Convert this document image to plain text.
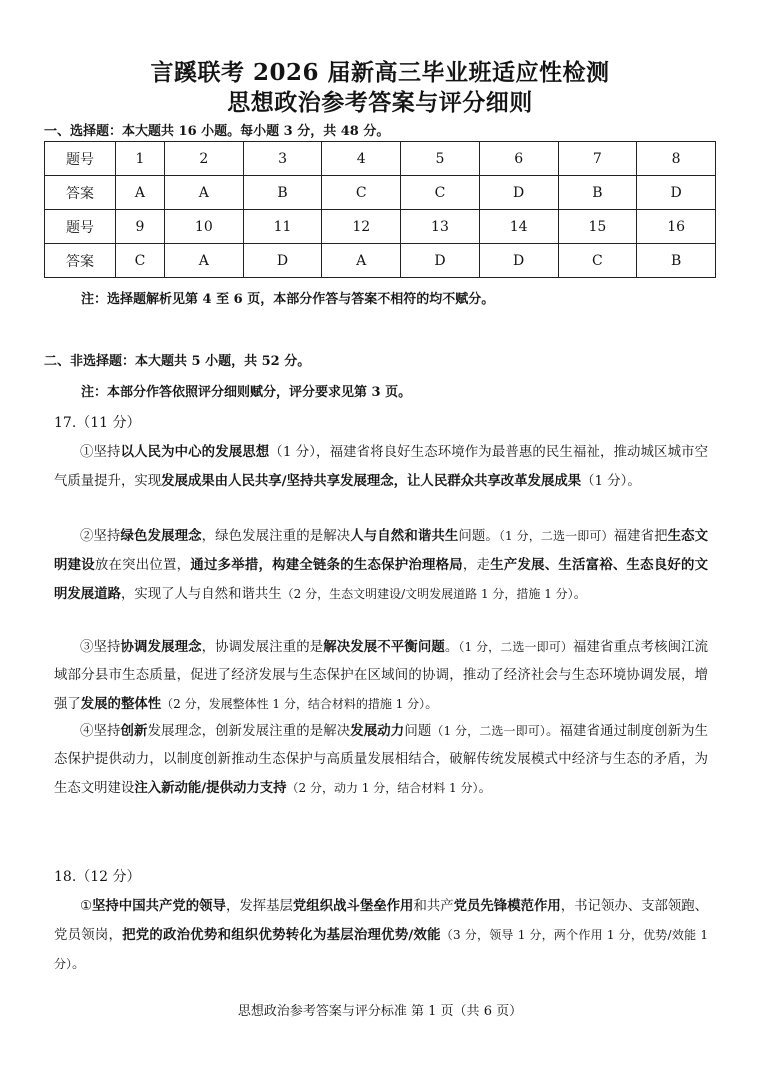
言蹊联考 2026 届新高三毕业班适应性检测
思想政治参考答案与评分细则
一、选择题：本大题共 16 小题。每小题 3 分，共 48 分。
题号	1	2	3	4	5	6	7	8
答案	A	A	B	C	C	D	B	D
题号	9	10	11	12	13	14	15	16
答案	C	A	D	A	D	D	C	B
注：选择题解析见第 4 至 6 页，本部分作答与答案不相符的均不赋分。
二、非选择题：本大题共 5 小题，共 52 分。
注：本部分作答依照评分细则赋分，评分要求见第 3 页。
17.（11 分）
①坚持以人民为中心的发展思想（1 分），福建省将良好生态环境作为最普惠的民生福祉，推动城区城市空气质量提升，实现发展成果由人民共享/坚持共享发展理念，让人民群众共享改革发展成果（1 分）。
②坚持绿色发展理念，绿色发展注重的是解决人与自然和谐共生问题。（1 分，二选一即可）福建省把生态文明建设放在突出位置，通过多举措，构建全链条的生态保护治理格局，走生产发展、生活富裕、生态良好的文明发展道路，实现了人与自然和谐共生（2 分，生态文明建设/文明发展道路 1 分，措施 1 分）。
③坚持协调发展理念，协调发展注重的是解决发展不平衡问题。（1 分，二选一即可）福建省重点考核闽江流域部分县市生态质量，促进了经济发展与生态保护在区域间的协调，推动了经济社会与生态环境协调发展，增强了发展的整体性（2 分，发展整体性 1 分，结合材料的措施 1 分）。
④坚持创新发展理念，创新发展注重的是解决发展动力问题（1 分，二选一即可）。福建省通过制度创新为生态保护提供动力，以制度创新推动生态保护与高质量发展相结合，破解传统发展模式中经济与生态的矛盾，为生态文明建设注入新动能/提供动力支持（2 分，动力 1 分，结合材料 1 分）。
18.（12 分）
①坚持中国共产党的领导，发挥基层党组织战斗堡垒作用和共产党员先锋模范作用，书记领办、支部领跑、党员领岗，把党的政治优势和组织优势转化为基层治理优势/效能（3 分，领导 1 分，两个作用 1 分，优势/效能 1 分）。
思想政治参考答案与评分标准 第 1 页（共 6 页）
